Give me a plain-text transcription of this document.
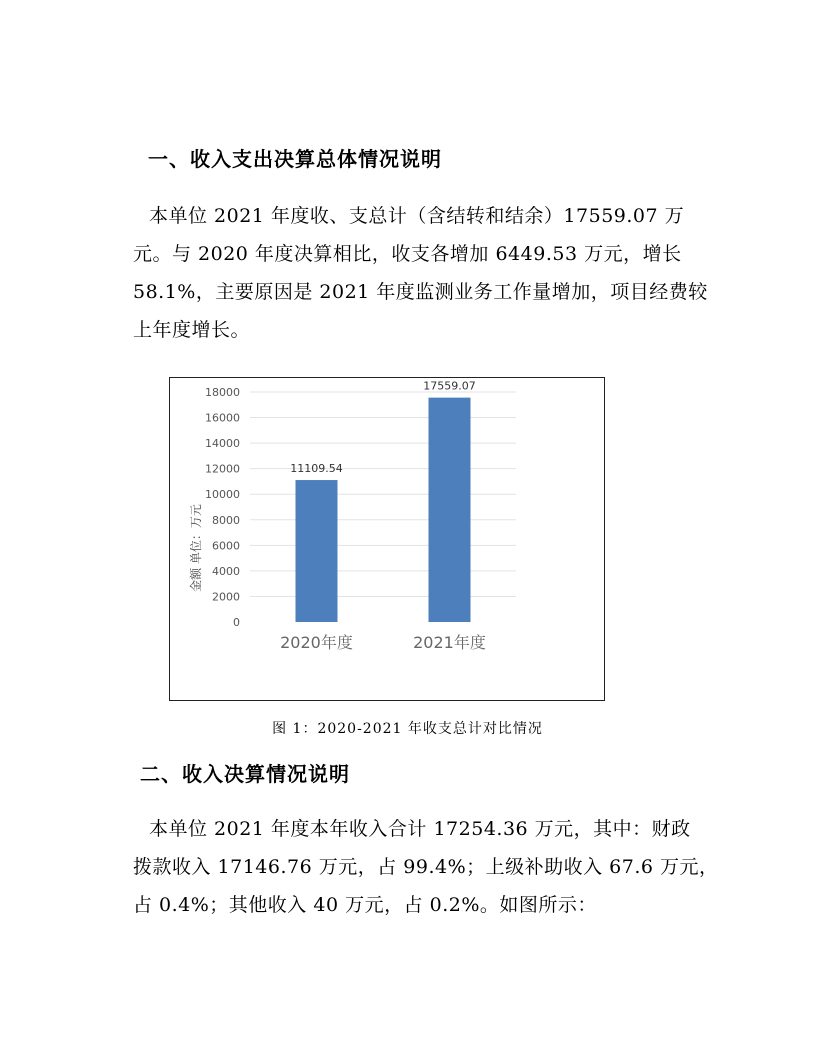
一、收入支出决算总体情况说明
本单位 2021 年度收、支总计（含结转和结余）17559.07 万
元。与 2020 年度决算相比，收支各增加 6449.53 万元，增长
58.1%，主要原因是 2021 年度监测业务工作量增加，项目经费较
上年度增长。
0
2000
4000
6000
8000
10000
12000
14000
16000
18000
11109.54
17559.07
2020年度	2021年度
金额 单位：万元
图 1：2020-2021 年收支总计对比情况
二、收入决算情况说明
本单位 2021 年度本年收入合计 17254.36 万元，其中：财政
拨款收入 17146.76 万元，占 99.4%；上级补助收入 67.6 万元，
占 0.4%；其他收入 40 万元，占 0.2%。如图所示：
